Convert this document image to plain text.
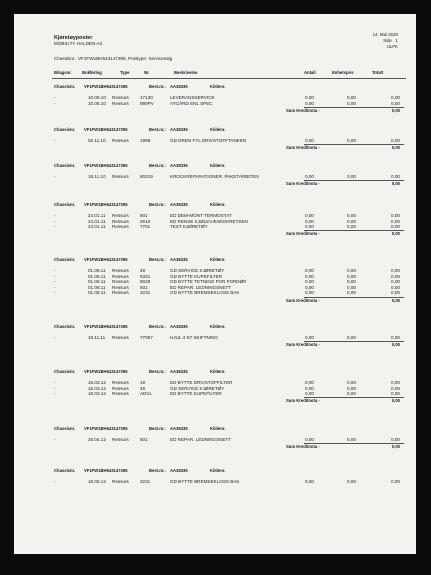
Kjøretøyposter
MOBILITY HALDEN AS
14. Mai 2020
Side 1
ULFK
Chassisnr.: VF1FW1BH543147395, Posttype: Servicesalg
Bilagsnr. Bokføring	Type	Nr.	Beskrivelse	Antall	Enhetspris	Totalt
Chassisnr. VF1FW1BH543147395	Best.nr.: AA38335	Kildenr.
-	10.08.10 Ressurs 17130	LEVERANSSERVICE	0,00	0,00	0,00
-	10.08.10 Ressurs 999PV	ATGÅRD ENL SPEC	0,00	0,00	0,00
Sum Kreditnota -	0,00
Chassisnr. VF1FW1BH543147395	Best.nr.: AA38335	Kildenr.
-	02.11.10 Ressurs 1998	GD DREN FYL DRIVSTOFFTANKEN	0,00	0,00	0,00
Sum Kreditnota -	0,00
Chassisnr. VF1FW1BH543147395	Best.nr.: AA38335	Kildenr.
-	18.11.10 Ressurs 80219	KROCKREPARATIONER, PAKETARBITEN	0,00	0,00	0,00
Sum Kreditnota -	0,00
Chassisnr. VF1FW1BH543147395	Best.nr.: AA38335	Kildenr.
-	24.01.11 Ressurs 801	ED DEM-MONT TERMOSTAT	0,00	0,00	0,00
-	24.01.11 Ressurs 2610	ED RENSE KJØLEVÆSKEKRETSEN	0,00	0,00	0,00
-	24.01.11 Ressurs 7701	TEST KJØRETØY	0,00	0,00	0,00
Sum Kreditnota -	0,00
Chassisnr. VF1FW1BH543147395	Best.nr.: AA38335	Kildenr.
-	01.08.11 Ressurs 48	GD SERVICE KJØRETØY	0,00	0,00	0,00
-	01.08.11 Ressurs 5321	GD BYTTE KUPEFILTER	0,00	0,00	0,00
-	01.08.11 Ressurs 8028	GD BYTTE TETNING FOR FORDØR	0,00	0,00	0,00
-	01.08.11 Ressurs 501	ED REPAR. LEDNINGSNETT	0,00	0,00	0,00
-	01.08.11 Ressurs 3231	GD BYTTE BREMSEKLOSS BAK	0,00	0,00	0,00
Sum Kreditnota -	0,00
Chassisnr. VF1FW1BH543147395	Best.nr.: AA38335	Kildenr.
-	18.11.11 Ressurs 77067	HJUL 4 ST SKIFTNING	0,00	0,00	0,00
Sum Kreditnota -	0,00
Chassisnr. VF1FW1BH543147395	Best.nr.: AA38335	Kildenr.
-	16.03.12 Ressurs 19	ED BYTTE DRIVSTOFFILTER	0,00	0,00	0,00
-	16.03.12 Ressurs 48	GD SERVICE KJØRETØY	0,00	0,00	0,00
-	16.03.12 Ressurs ADVL	ED BYTTE KUPEFILTER	0,00	0,00	0,00
Sum Kreditnota -	0,00
Chassisnr. VF1FW1BH543147395	Best.nr.: AA38335	Kildenr.
-	26.04.12 Ressurs 501	ED REPAR. LEDNINGSNETT	0,00	0,00	0,00
Sum Kreditnota -	0,00
Chassisnr. VF1FW1BH543147395	Best.nr.: AA38335	Kildenr.
-	16.05.12 Ressurs 3231	GD BYTTE BREMSEKLOSS BAK	0,00	0,00	0,00
